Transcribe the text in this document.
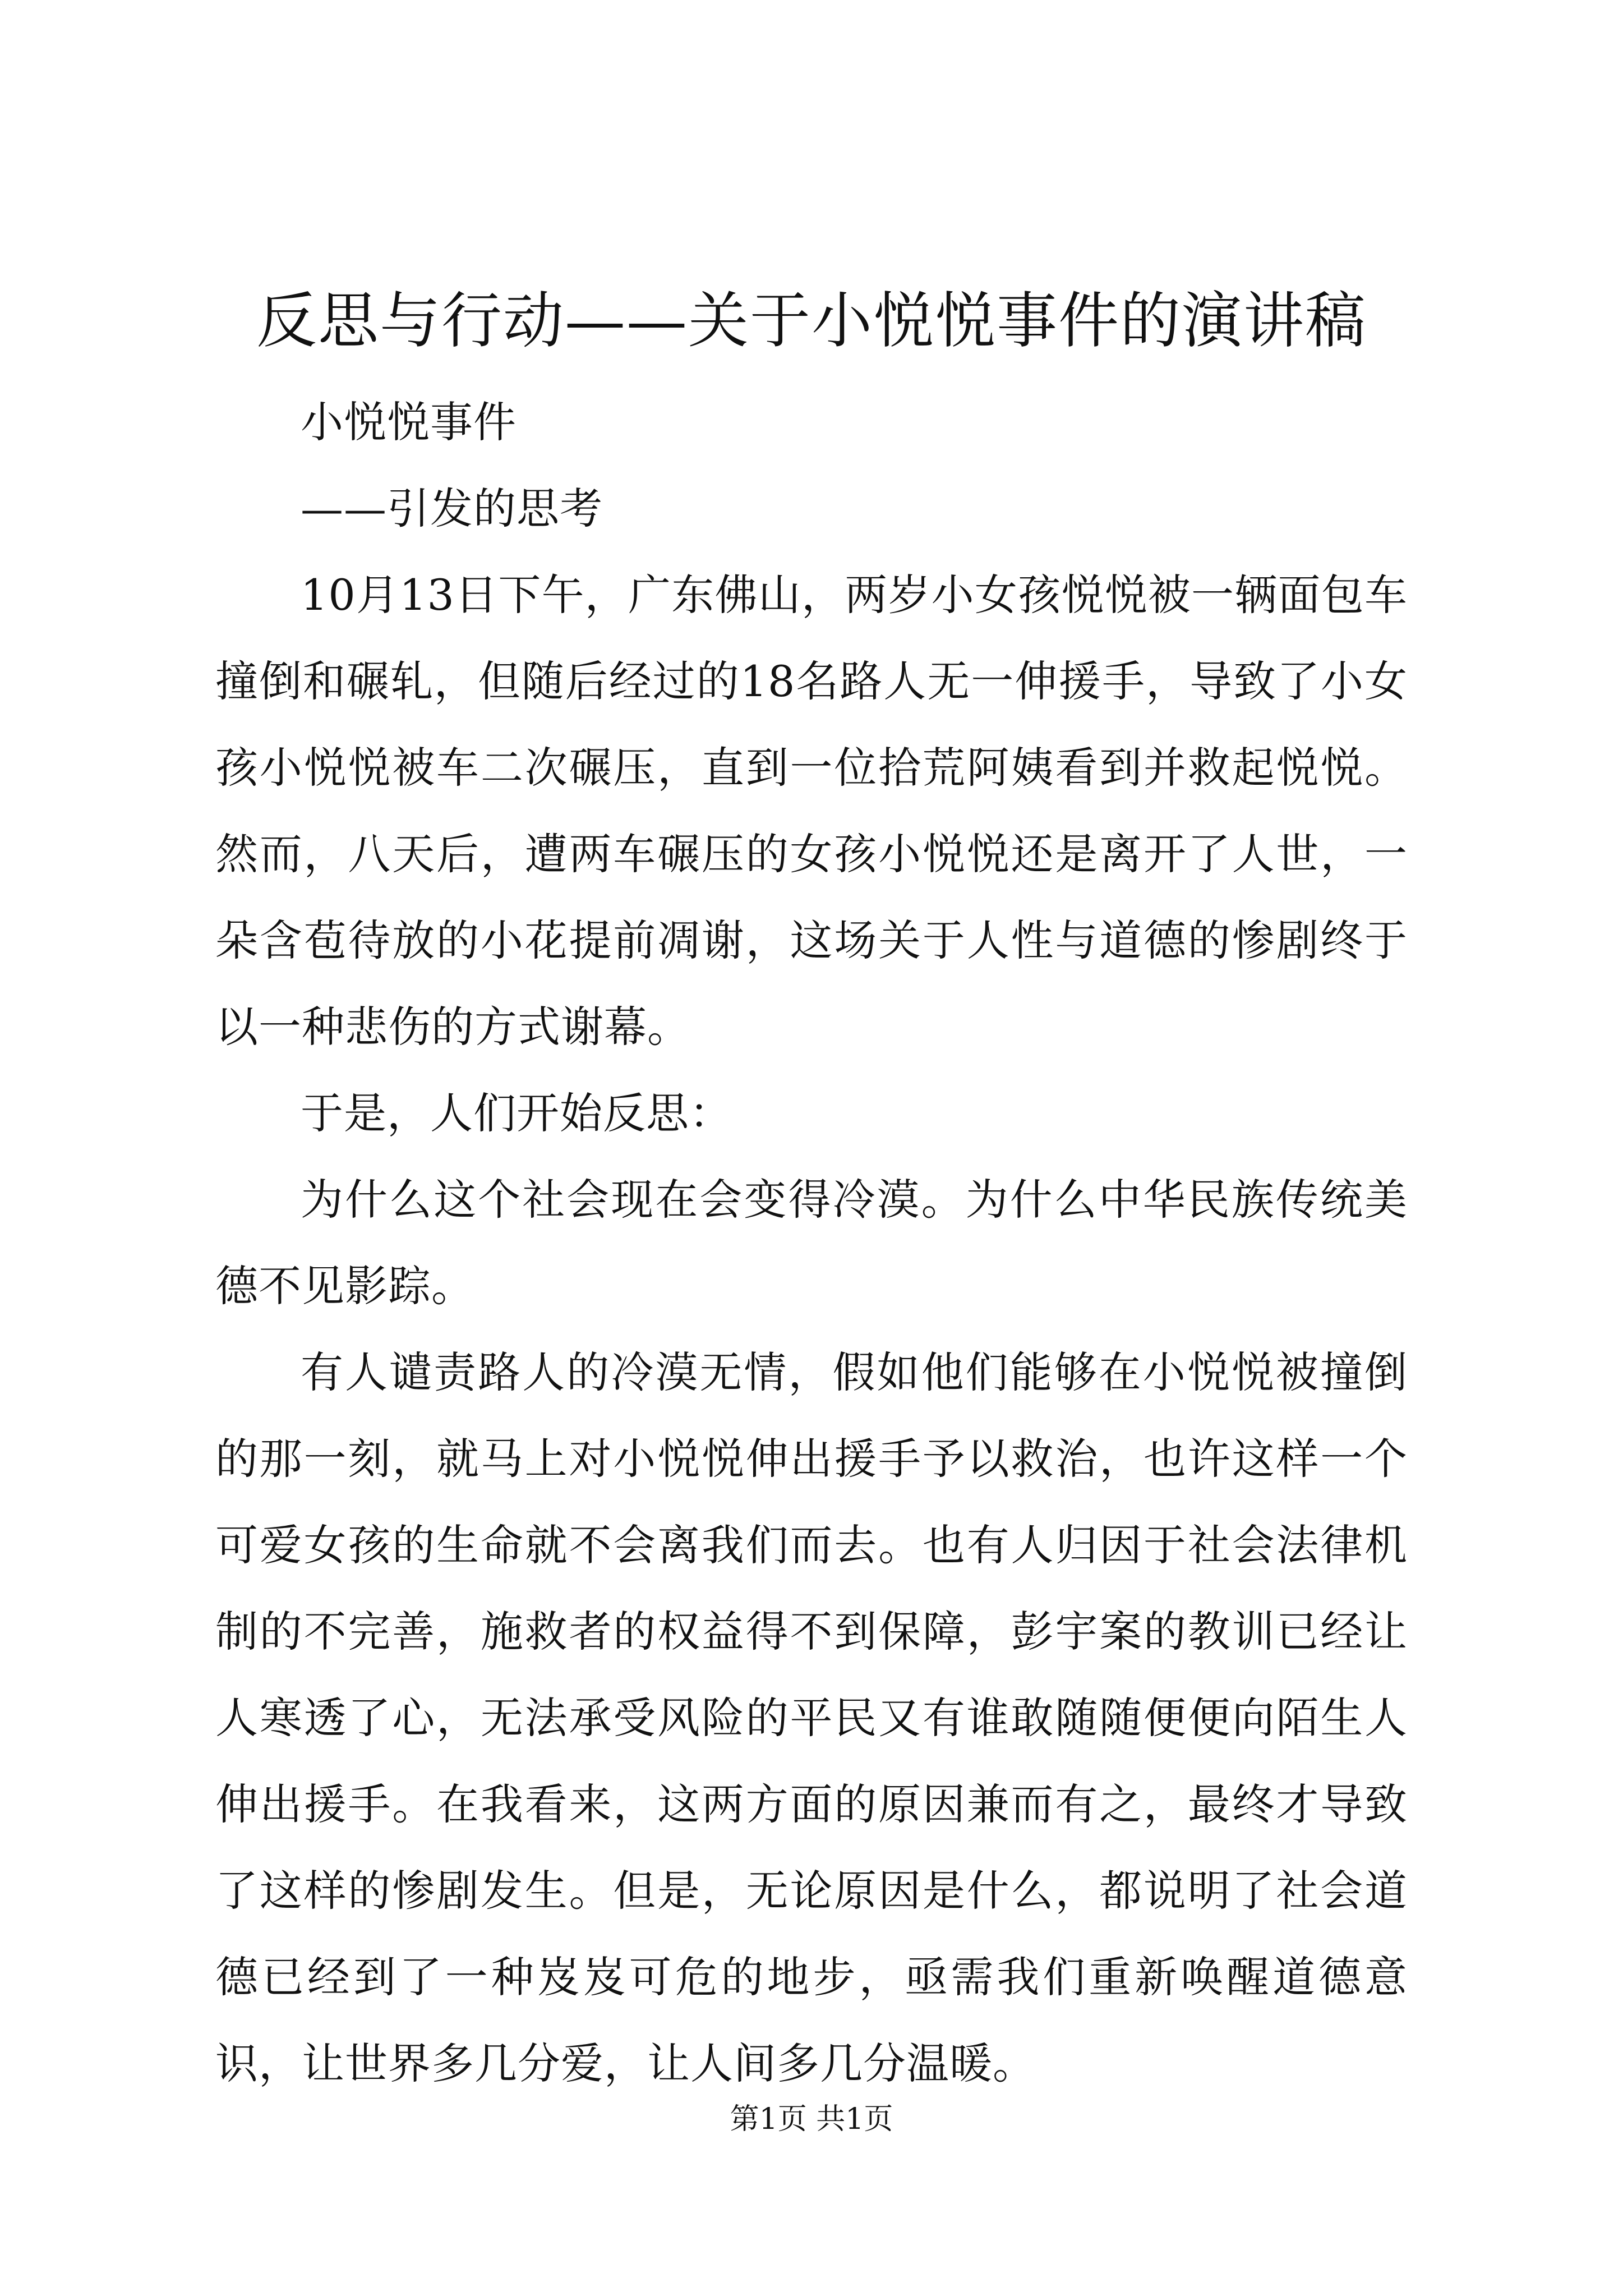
反思与行动——关于小悦悦事件的演讲稿

小悦悦事件

——引发的思考

10月13日下午，广东佛山，两岁小女孩悦悦被一辆面包车撞倒和碾轧，但随后经过的18名路人无一伸援手，导致了小女孩小悦悦被车二次碾压，直到一位拾荒阿姨看到并救起悦悦。然而，八天后，遭两车碾压的女孩小悦悦还是离开了人世，一朵含苞待放的小花提前凋谢，这场关于人性与道德的惨剧终于以一种悲伤的方式谢幕。

于是，人们开始反思：

为什么这个社会现在会变得冷漠。为什么中华民族传统美德不见影踪。

有人谴责路人的冷漠无情，假如他们能够在小悦悦被撞倒的那一刻，就马上对小悦悦伸出援手予以救治，也许这样一个可爱女孩的生命就不会离我们而去。也有人归因于社会法律机制的不完善，施救者的权益得不到保障，彭宇案的教训已经让人寒透了心，无法承受风险的平民又有谁敢随随便便向陌生人伸出援手。在我看来，这两方面的原因兼而有之，最终才导致了这样的惨剧发生。但是，无论原因是什么，都说明了社会道德已经到了一种岌岌可危的地步，亟需我们重新唤醒道德意识，让世界多几分爱，让人间多几分温暖。

第1页 共1页
